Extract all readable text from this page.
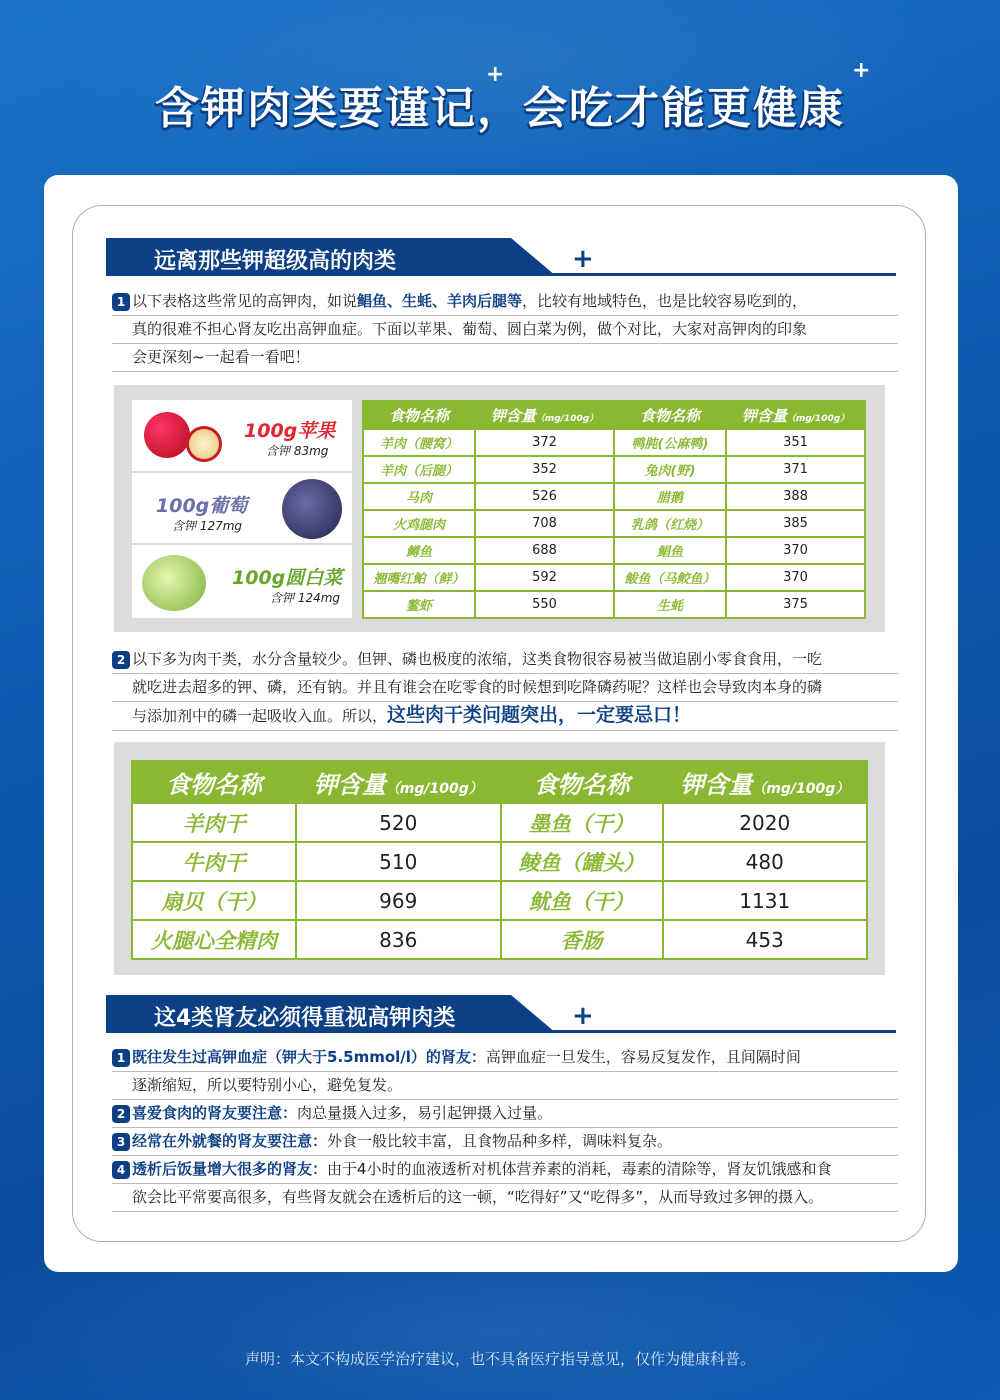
含钾肉类要谨记，会吃才能更健康
+	+
远离那些钾超级高的肉类	+
1 以下表格这些常见的高钾肉，如说鲳鱼、生蚝、羊肉后腿等，比较有地域特色，也是比较容易吃到的，
真的很难不担心肾友吃出高钾血症。下面以苹果、葡萄、圆白菜为例，做个对比，大家对高钾肉的印象
会更深刻~一起看一看吧！
100g苹果
含钾 83mg
100g葡萄
含钾 127mg
100g圆白菜
含钾 124mg
食物名称	钾含量（mg/100g）	食物名称	钾含量（mg/100g）
羊肉（腰窝）	372	鸭肫(公麻鸭)	351
羊肉（后腿）	352	兔肉(野)	371
马肉	526	腊鹅	388
火鸡腿肉	708	乳鸽（红烧）	385
鳟鱼	688	鲳鱼	370
翘嘴红鲌（鲜）	592	鲅鱼（马鲛鱼）	370
鳌虾	550	生蚝	375
2 以下多为肉干类，水分含量较少。但钾、磷也极度的浓缩，这类食物很容易被当做追剧小零食食用，一吃
就吃进去超多的钾、磷，还有钠。并且有谁会在吃零食的时候想到吃降磷药呢？这样也会导致肉本身的磷
与添加剂中的磷一起吸收入血。所以，这些肉干类问题突出，一定要忌口！
食物名称	钾含量（mg/100g）	食物名称	钾含量（mg/100g）
羊肉干	520	墨鱼（干）	2020
牛肉干	510	鲮鱼（罐头）	480
扇贝（干）	969	鱿鱼（干）	1131
火腿心全精肉	836	香肠	453
这4类肾友必须得重视高钾肉类	+
1 既往发生过高钾血症（钾大于5.5mmol/l）的肾友：高钾血症一旦发生，容易反复发作，且间隔时间
逐渐缩短，所以要特别小心，避免复发。
2 喜爱食肉的肾友要注意：肉总量摄入过多，易引起钾摄入过量。
3 经常在外就餐的肾友要注意：外食一般比较丰富，且食物品种多样，调味料复杂。
4 透析后饭量增大很多的肾友：由于4小时的血液透析对机体营养素的消耗，毒素的清除等，肾友饥饿感和食
欲会比平常要高很多，有些肾友就会在透析后的这一顿，“吃得好”又“吃得多”，从而导致过多钾的摄入。
声明：本文不构成医学治疗建议，也不具备医疗指导意见，仅作为健康科普。
